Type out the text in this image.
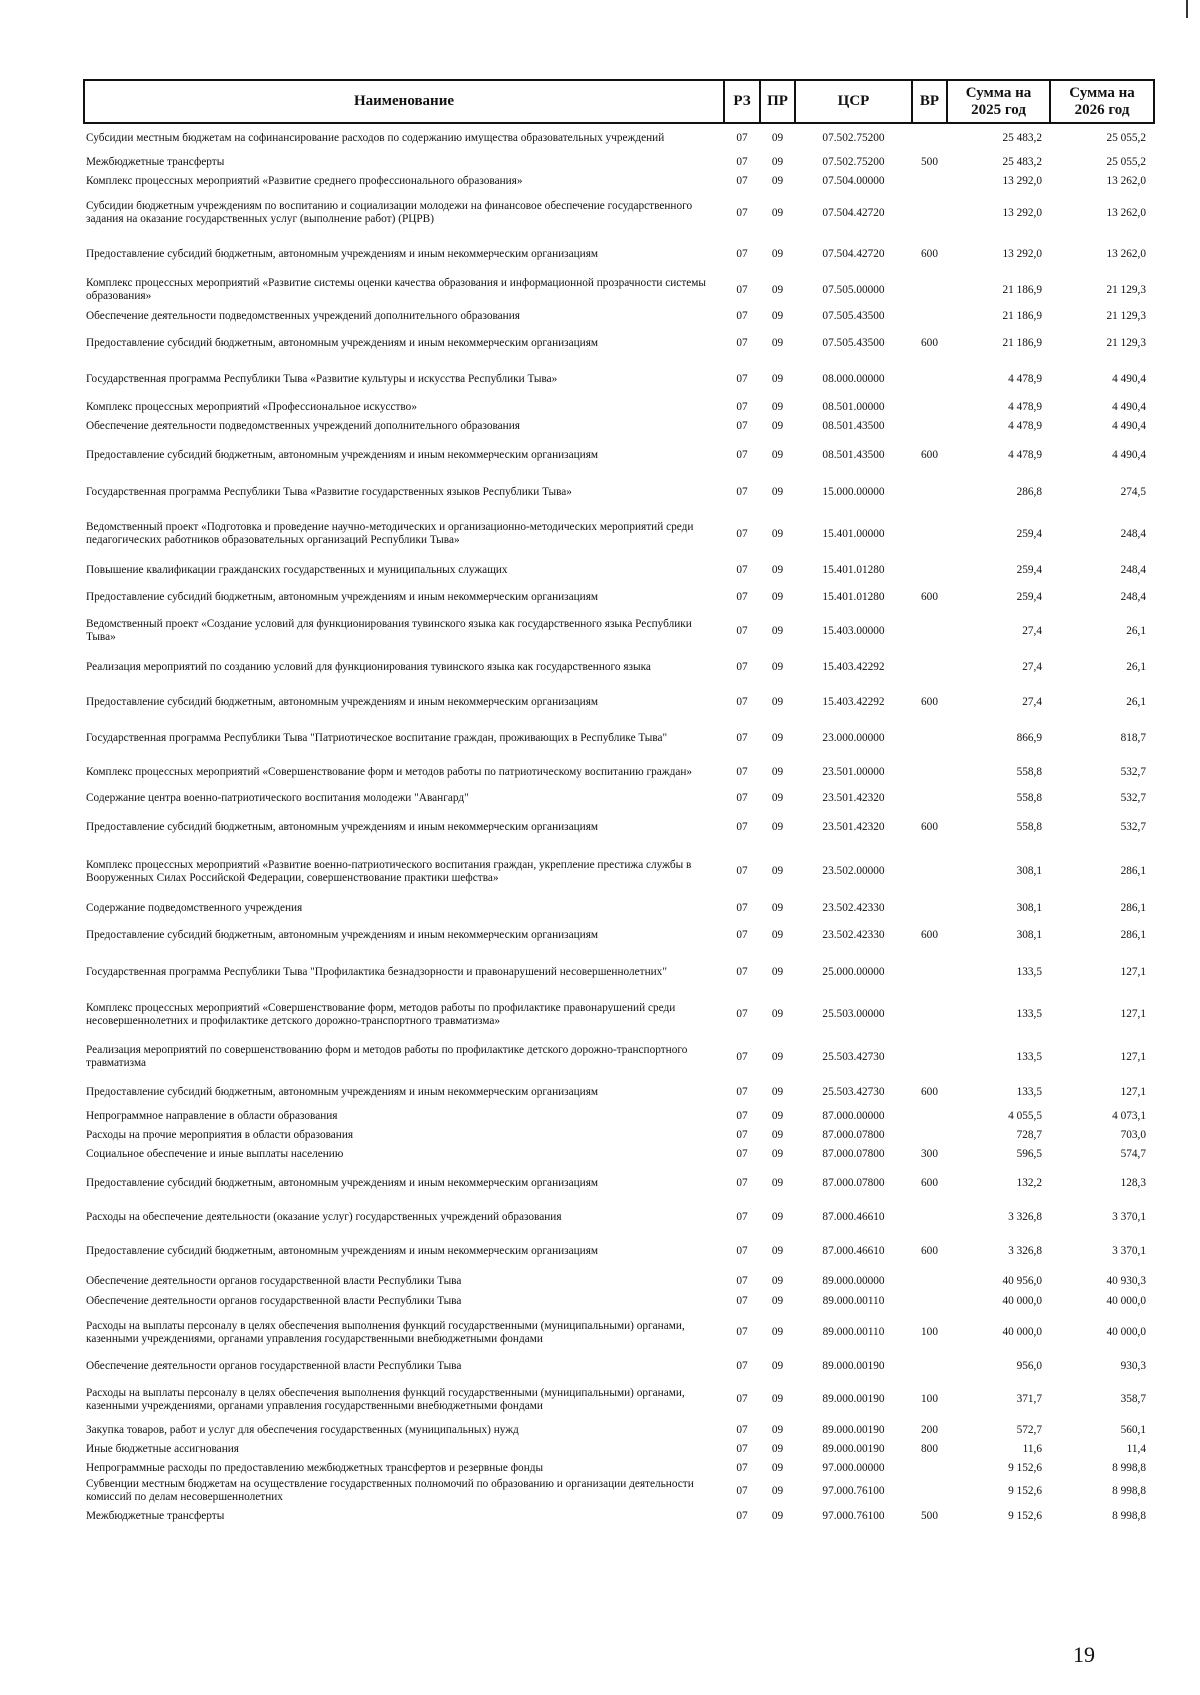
Наименование	РЗ	ПР	ЦСР	ВР	Сумма на 2025 год	Сумма на 2026 год
Субсидии местным бюджетам на софинансирование расходов по содержанию имущества образовательных учреждений	07	09	07.502.75200		25 483,2	25 055,2
Межбюджетные трансферты	07	09	07.502.75200	500	25 483,2	25 055,2
Комплекс процессных мероприятий «Развитие среднего профессионального образования»	07	09	07.504.00000		13 292,0	13 262,0
Субсидии бюджетным учреждениям по воспитанию и социализации молодежи на финансовое обеспечение государственного задания на оказание государственных услуг (выполнение работ) (РЦРВ)	07	09	07.504.42720		13 292,0	13 262,0
Предоставление субсидий бюджетным, автономным учреждениям и иным некоммерческим организациям	07	09	07.504.42720	600	13 292,0	13 262,0
Комплекс процессных мероприятий «Развитие системы оценки качества образования и информационной прозрачности системы образования»	07	09	07.505.00000		21 186,9	21 129,3
Обеспечение деятельности подведомственных учреждений дополнительного образования	07	09	07.505.43500		21 186,9	21 129,3
Предоставление субсидий бюджетным, автономным учреждениям и иным некоммерческим организациям	07	09	07.505.43500	600	21 186,9	21 129,3
Государственная программа Республики Тыва «Развитие культуры и искусства Республики Тыва»	07	09	08.000.00000		4 478,9	4 490,4
Комплекс процессных мероприятий «Профессиональное искусство»	07	09	08.501.00000		4 478,9	4 490,4
Обеспечение деятельности подведомственных учреждений дополнительного образования	07	09	08.501.43500		4 478,9	4 490,4
Предоставление субсидий бюджетным, автономным учреждениям и иным некоммерческим организациям	07	09	08.501.43500	600	4 478,9	4 490,4
Государственная программа Республики Тыва «Развитие государственных языков Республики Тыва»	07	09	15.000.00000		286,8	274,5
Ведомственный проект «Подготовка и проведение научно-методических и организационно-методических мероприятий среди педагогических работников образовательных организаций Республики Тыва»	07	09	15.401.00000		259,4	248,4
Повышение квалификации гражданских государственных и муниципальных служащих	07	09	15.401.01280		259,4	248,4
Предоставление субсидий бюджетным, автономным учреждениям и иным некоммерческим организациям	07	09	15.401.01280	600	259,4	248,4
Ведомственный проект «Создание условий для функционирования тувинского языка как государственного языка Республики Тыва»	07	09	15.403.00000		27,4	26,1
Реализация мероприятий по созданию условий для функционирования тувинского языка как государственного языка	07	09	15.403.42292		27,4	26,1
Предоставление субсидий бюджетным, автономным учреждениям и иным некоммерческим организациям	07	09	15.403.42292	600	27,4	26,1
Государственная программа Республики Тыва "Патриотическое воспитание граждан, проживающих в Республике Тыва"	07	09	23.000.00000		866,9	818,7
Комплекс процессных мероприятий «Совершенствование форм и методов работы по патриотическому воспитанию граждан»	07	09	23.501.00000		558,8	532,7
Содержание центра военно-патриотического воспитания молодежи "Авангард"	07	09	23.501.42320		558,8	532,7
Предоставление субсидий бюджетным, автономным учреждениям и иным некоммерческим организациям	07	09	23.501.42320	600	558,8	532,7
Комплекс процессных мероприятий «Развитие военно-патриотического воспитания граждан, укрепление престижа службы в Вооруженных Силах Российской Федерации, совершенствование практики шефства»	07	09	23.502.00000		308,1	286,1
Содержание подведомственного учреждения	07	09	23.502.42330		308,1	286,1
Предоставление субсидий бюджетным, автономным учреждениям и иным некоммерческим организациям	07	09	23.502.42330	600	308,1	286,1
Государственная программа Республики Тыва "Профилактика безнадзорности и правонарушений несовершеннолетних"	07	09	25.000.00000		133,5	127,1
Комплекс процессных мероприятий «Совершенствование форм, методов работы по профилактике правонарушений среди несовершеннолетних и профилактике детского дорожно-транспортного травматизма»	07	09	25.503.00000		133,5	127,1
Реализация мероприятий по совершенствованию форм и методов работы по профилактике детского дорожно-транспортного травматизма	07	09	25.503.42730		133,5	127,1
Предоставление субсидий бюджетным, автономным учреждениям и иным некоммерческим организациям	07	09	25.503.42730	600	133,5	127,1
Непрограммное направление в области образования	07	09	87.000.00000		4 055,5	4 073,1
Расходы на прочие мероприятия в области образования	07	09	87.000.07800		728,7	703,0
Социальное обеспечение и иные выплаты населению	07	09	87.000.07800	300	596,5	574,7
Предоставление субсидий бюджетным, автономным учреждениям и иным некоммерческим организациям	07	09	87.000.07800	600	132,2	128,3
Расходы на обеспечение деятельности (оказание услуг) государственных учреждений образования	07	09	87.000.46610		3 326,8	3 370,1
Предоставление субсидий бюджетным, автономным учреждениям и иным некоммерческим организациям	07	09	87.000.46610	600	3 326,8	3 370,1
Обеспечение деятельности органов государственной власти Республики Тыва	07	09	89.000.00000		40 956,0	40 930,3
Обеспечение деятельности органов государственной власти Республики Тыва	07	09	89.000.00110		40 000,0	40 000,0
Расходы на выплаты персоналу в целях обеспечения выполнения функций государственными (муниципальными) органами, казенными учреждениями, органами управления государственными внебюджетными фондами	07	09	89.000.00110	100	40 000,0	40 000,0
Обеспечение деятельности органов государственной власти Республики Тыва	07	09	89.000.00190		956,0	930,3
Расходы на выплаты персоналу в целях обеспечения выполнения функций государственными (муниципальными) органами, казенными учреждениями, органами управления государственными внебюджетными фондами	07	09	89.000.00190	100	371,7	358,7
Закупка товаров, работ и услуг для обеспечения государственных (муниципальных) нужд	07	09	89.000.00190	200	572,7	560,1
Иные бюджетные ассигнования	07	09	89.000.00190	800	11,6	11,4
Непрограммные расходы по предоставлению межбюджетных трансфертов и резервные фонды	07	09	97.000.00000		9 152,6	8 998,8
Субвенции местным бюджетам на осуществление государственных полномочий по образованию и организации деятельности комиссий по делам несовершеннолетних	07	09	97.000.76100		9 152,6	8 998,8
Межбюджетные трансферты	07	09	97.000.76100	500	9 152,6	8 998,8
19
